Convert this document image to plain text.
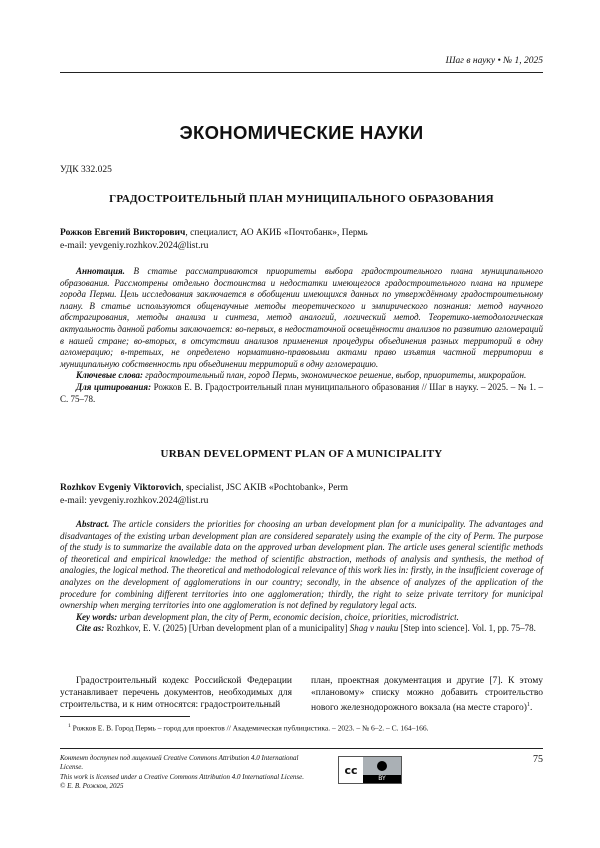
Шаг в науку • № 1, 2025
ЭКОНОМИЧЕСКИЕ НАУКИ
УДК 332.025
ГРАДОСТРОИТЕЛЬНЫЙ ПЛАН МУНИЦИПАЛЬНОГО ОБРАЗОВАНИЯ
Рожков Евгений Викторович, специалист, АО АКИБ «Почтобанк», Пермь
e-mail: yevgeniy.rozhkov.2024@list.ru

Аннотация. В статье рассматриваются приоритеты выбора градостроительного плана муниципального образования. Рассмотрены отдельно достоинства и недостатки имеющегося градостроительного плана на примере города Перми. Цель исследования заключается в обобщении имеющихся данных по утверждённому градостроительному плану. В статье используются общенаучные методы теоретического и эмпирического познания: метод научного абстрагирования, методы анализа и синтеза, метод аналогий, логический метод. Теоретико-методологическая актуальность данной работы заключается: во-первых, в недостаточной освещённости анализов по развитию агломераций в нашей стране; во-вторых, в отсутствии анализов применения процедуры объединения разных территорий в одну агломерацию; в-третьих, не определено нормативно-правовыми актами право изъятия частной территории в муниципальную собственность при объединении территорий в одну агломерацию.

Ключевые слова: градостроительный план, город Пермь, экономическое решение, выбор, приоритеты, микрорайон.

Для цитирования: Рожков Е. В. Градостроительный план муниципального образования // Шаг в науку. – 2025. – № 1. – С. 75–78.

URBAN DEVELOPMENT PLAN OF A MUNICIPALITY
Rozhkov Evgeniy Viktorovich, specialist, JSC AKIB «Pochtobank», Perm
e-mail: yevgeniy.rozhkov.2024@list.ru

Abstract. The article considers the priorities for choosing an urban development plan for a municipality. The advantages and disadvantages of the existing urban development plan are considered separately using the example of the city of Perm. The purpose of the study is to summarize the available data on the approved urban development plan. The article uses general scientific methods of theoretical and empirical knowledge: the method of scientific abstraction, methods of analysis and synthesis, the method of analogies, the logical method. The theoretical and methodological relevance of this work lies in: firstly, in the insufficient coverage of analyzes on the development of agglomerations in our country; secondly, in the absence of analyzes of the application of the procedure for combining different territories into one agglomeration; thirdly, the right to seize private territory for municipal ownership when merging territories into one agglomeration is not defined by regulatory legal acts.

Key words: urban development plan, the city of Perm, economic decision, choice, priorities, microdistrict.

Cite as: Rozhkov, E. V. (2025) [Urban development plan of a municipality] Shag v nauku [Step into science]. Vol. 1, pp. 75–78.

Градостроительный кодекс Российской Федерации устанавливает перечень документов, необходимых для строительства, и к ним относятся: градостроительный

план, проектная документация и другие [7]. К этому «плановому» списку можно добавить строительство нового железнодорожного вокзала (на месте старого)$^1$.

$^1$ Рожков Е. В. Город Пермь – город для проектов // Академическая публицистика. – 2023. – № 6–2. – С. 164–166.
Контент доступен под лицензией Creative Commons Attribution 4.0 International License.
This work is licensed under a Creative Commons Attribution 4.0 International License.
© Е. В. Рожков, 2025
cc
BY
75
